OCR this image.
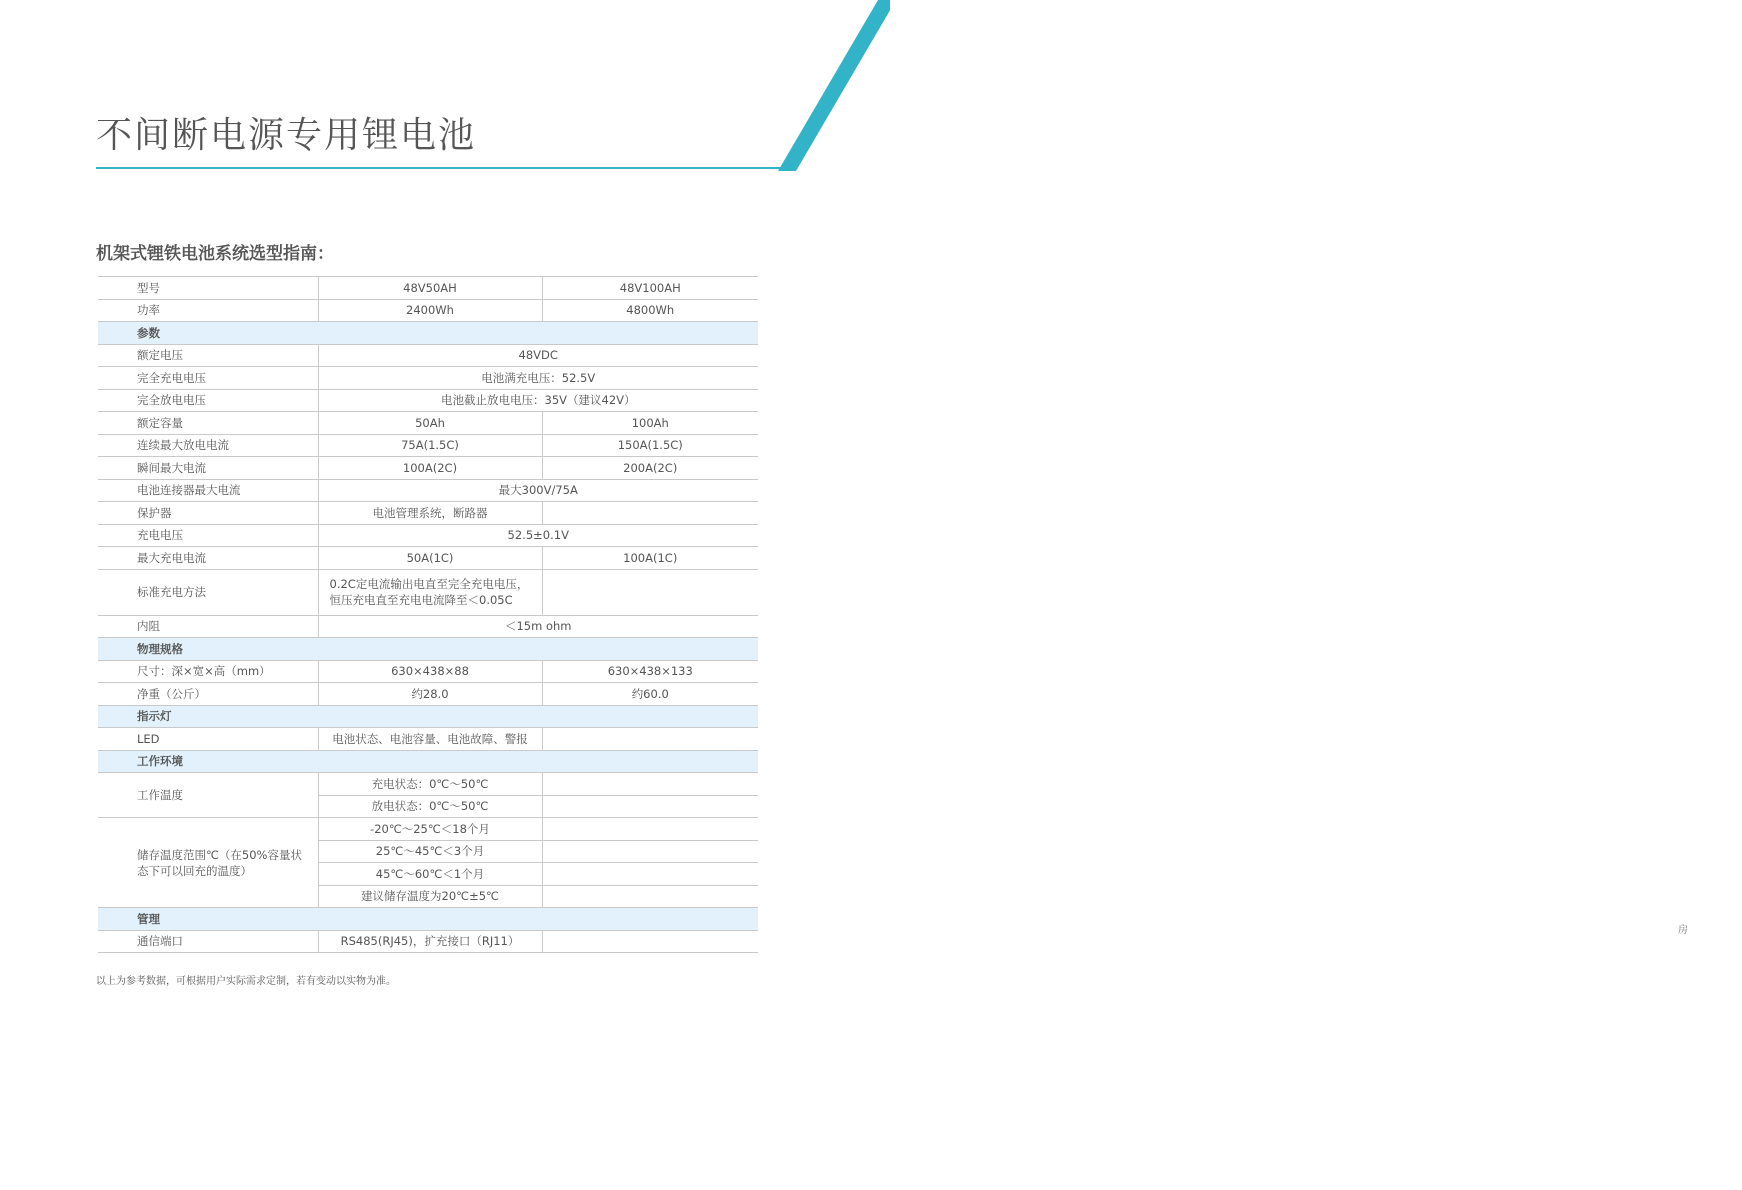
不间断电源专用锂电池
机架式锂铁电池系统选型指南：
型号	48V50AH	48V100AH
功率	2400Wh	4800Wh
参数		
额定电压	48VDC	
完全充电电压	电池满充电压：52.5V	
完全放电电压	电池截止放电电压：35V（建议42V）	
额定容量	50Ah	100Ah
连续最大放电电流	75A(1.5C)	150A(1.5C)
瞬间最大电流	100A(2C)	200A(2C)
电池连接器最大电流	最大300V/75A	
保护器	电池管理系统，断路器	
充电电压	52.5±0.1V	
最大充电电流	50A(1C)	100A(1C)
标准充电方法	0.2C定电流输出电直至完全充电电压，
恒压充电直至充电电流降至＜0.05C	
内阻	＜15m ohm	
物理规格		
尺寸：深×宽×高（mm）	630×438×88	630×438×133
净重（公斤）	约28.0	约60.0
指示灯		
LED	电池状态、电池容量、电池故障、警报	
工作环境		
工作温度	充电状态：0℃～50℃	
	放电状态：0℃～50℃	
储存温度范围℃（在50%容量状
态下可以回充的温度）	-20℃～25℃＜18个月	
	25℃～45℃＜3个月	
	45℃～60℃＜1个月	
	建议储存温度为20℃±5℃	
管理		
通信端口	RS485(RJ45)，扩充接口（RJ11）	

以上为参考数据，可根据用户实际需求定制，若有变动以实物为准。

房
